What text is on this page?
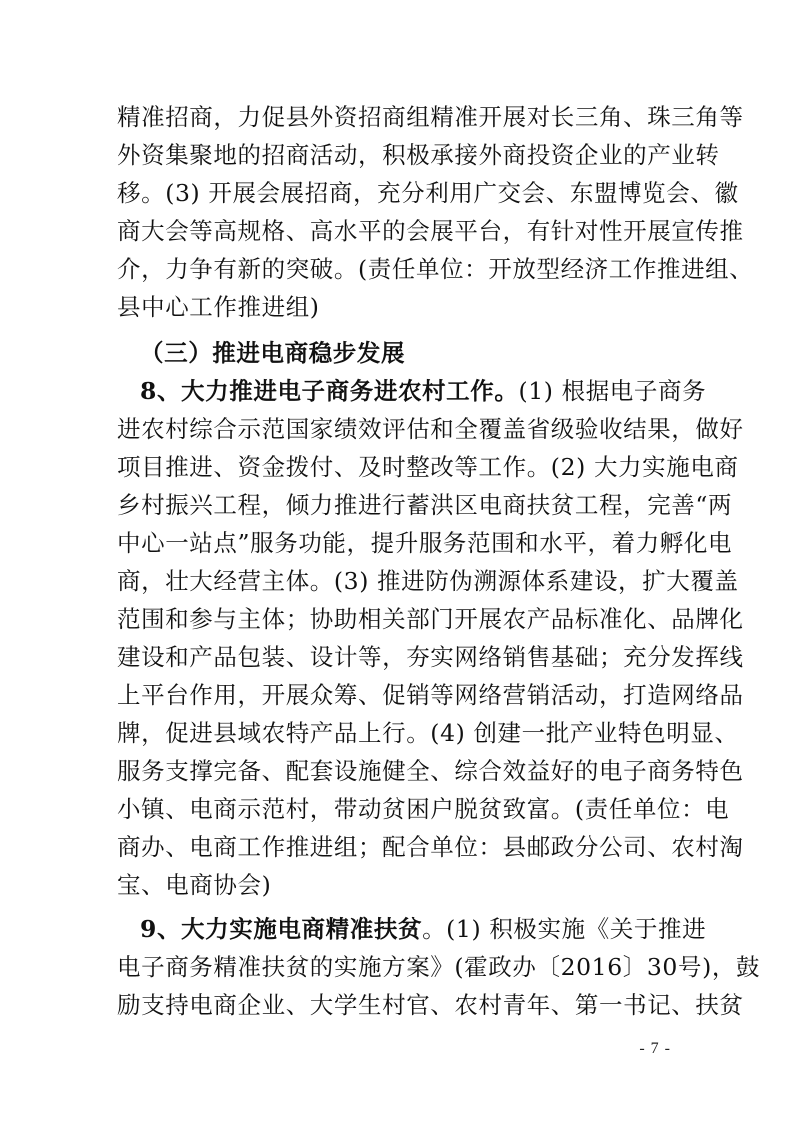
精准招商，力促县外资招商组精准开展对长三角、珠三角等
外资集聚地的招商活动，积极承接外商投资企业的产业转
移。(3) 开展会展招商，充分利用广交会、东盟博览会、徽
商大会等高规格、高水平的会展平台，有针对性开展宣传推
介，力争有新的突破。(责任单位：开放型经济工作推进组、
县中心工作推进组)
（三）推进电商稳步发展
8、大力推进电子商务进农村工作。(1) 根据电子商务
进农村综合示范国家绩效评估和全覆盖省级验收结果，做好
项目推进、资金拨付、及时整改等工作。(2) 大力实施电商
乡村振兴工程，倾力推进行蓄洪区电商扶贫工程，完善“两
中心一站点”服务功能，提升服务范围和水平，着力孵化电
商，壮大经营主体。(3) 推进防伪溯源体系建设，扩大覆盖
范围和参与主体；协助相关部门开展农产品标准化、品牌化
建设和产品包装、设计等，夯实网络销售基础；充分发挥线
上平台作用，开展众筹、促销等网络营销活动，打造网络品
牌，促进县域农特产品上行。(4) 创建一批产业特色明显、
服务支撑完备、配套设施健全、综合效益好的电子商务特色
小镇、电商示范村，带动贫困户脱贫致富。(责任单位：电
商办、电商工作推进组；配合单位：县邮政分公司、农村淘
宝、电商协会)
9、大力实施电商精准扶贫。(1) 积极实施《关于推进
电子商务精准扶贫的实施方案》(霍政办〔2016〕30号)，鼓
励支持电商企业、大学生村官、农村青年、第一书记、扶贫
- 7 -
